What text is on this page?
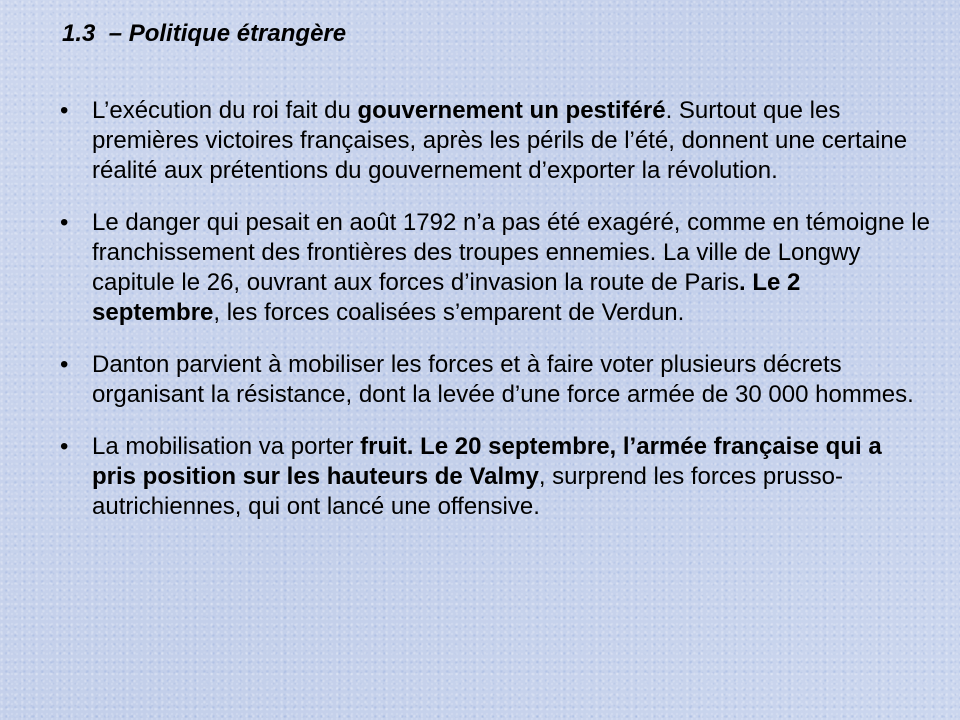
1.3  – Politique étrangère
• L’exécution du roi fait du gouvernement un pestiféré. Surtout que les premières victoires françaises, après les périls de l’été, donnent une certaine réalité aux prétentions du gouvernement d’exporter la révolution.
• Le danger qui pesait en août 1792 n’a pas été exagéré, comme en témoigne le franchissement des frontières des troupes ennemies. La ville de Longwy capitule le 26, ouvrant aux forces d’invasion la route de Paris. Le 2 septembre, les forces coalisées s’emparent de Verdun.
• Danton parvient à mobiliser les forces et à faire voter plusieurs décrets organisant la résistance, dont la levée d’une force armée de 30 000 hommes.
• La mobilisation va porter fruit. Le 20 septembre, l’armée française qui a pris position sur les hauteurs de Valmy, surprend les forces prusso-autrichiennes, qui ont lancé une offensive.
